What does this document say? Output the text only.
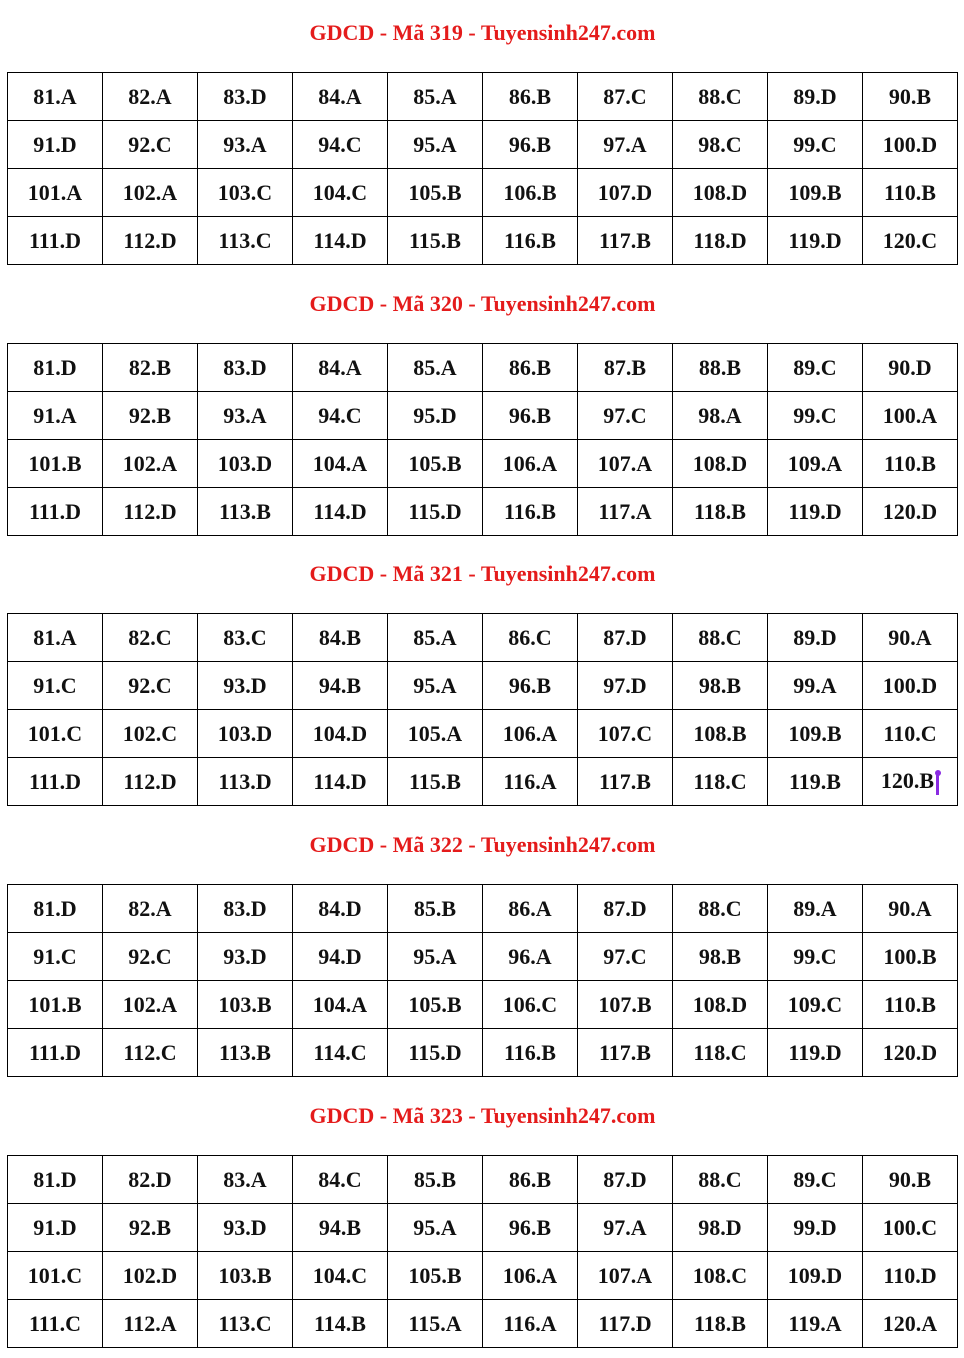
GDCD - Mã 319 - Tuyensinh247.com
81.A	82.A	83.D	84.A	85.A	86.B	87.C	88.C	89.D	90.B
91.D	92.C	93.A	94.C	95.A	96.B	97.A	98.C	99.C	100.D
101.A	102.A	103.C	104.C	105.B	106.B	107.D	108.D	109.B	110.B
111.D	112.D	113.C	114.D	115.B	116.B	117.B	118.D	119.D	120.C
GDCD - Mã 320 - Tuyensinh247.com
81.D	82.B	83.D	84.A	85.A	86.B	87.B	88.B	89.C	90.D
91.A	92.B	93.A	94.C	95.D	96.B	97.C	98.A	99.C	100.A
101.B	102.A	103.D	104.A	105.B	106.A	107.A	108.D	109.A	110.B
111.D	112.D	113.B	114.D	115.D	116.B	117.A	118.B	119.D	120.D
GDCD - Mã 321 - Tuyensinh247.com
81.A	82.C	83.C	84.B	85.A	86.C	87.D	88.C	89.D	90.A
91.C	92.C	93.D	94.B	95.A	96.B	97.D	98.B	99.A	100.D
101.C	102.C	103.D	104.D	105.A	106.A	107.C	108.B	109.B	110.C
111.D	112.D	113.D	114.D	115.B	116.A	117.B	118.C	119.B	120.B
GDCD - Mã 322 - Tuyensinh247.com
81.D	82.A	83.D	84.D	85.B	86.A	87.D	88.C	89.A	90.A
91.C	92.C	93.D	94.D	95.A	96.A	97.C	98.B	99.C	100.B
101.B	102.A	103.B	104.A	105.B	106.C	107.B	108.D	109.C	110.B
111.D	112.C	113.B	114.C	115.D	116.B	117.B	118.C	119.D	120.D
GDCD - Mã 323 - Tuyensinh247.com
81.D	82.D	83.A	84.C	85.B	86.B	87.D	88.C	89.C	90.B
91.D	92.B	93.D	94.B	95.A	96.B	97.A	98.D	99.D	100.C
101.C	102.D	103.B	104.C	105.B	106.A	107.A	108.C	109.D	110.D
111.C	112.A	113.C	114.B	115.A	116.A	117.D	118.B	119.A	120.A
